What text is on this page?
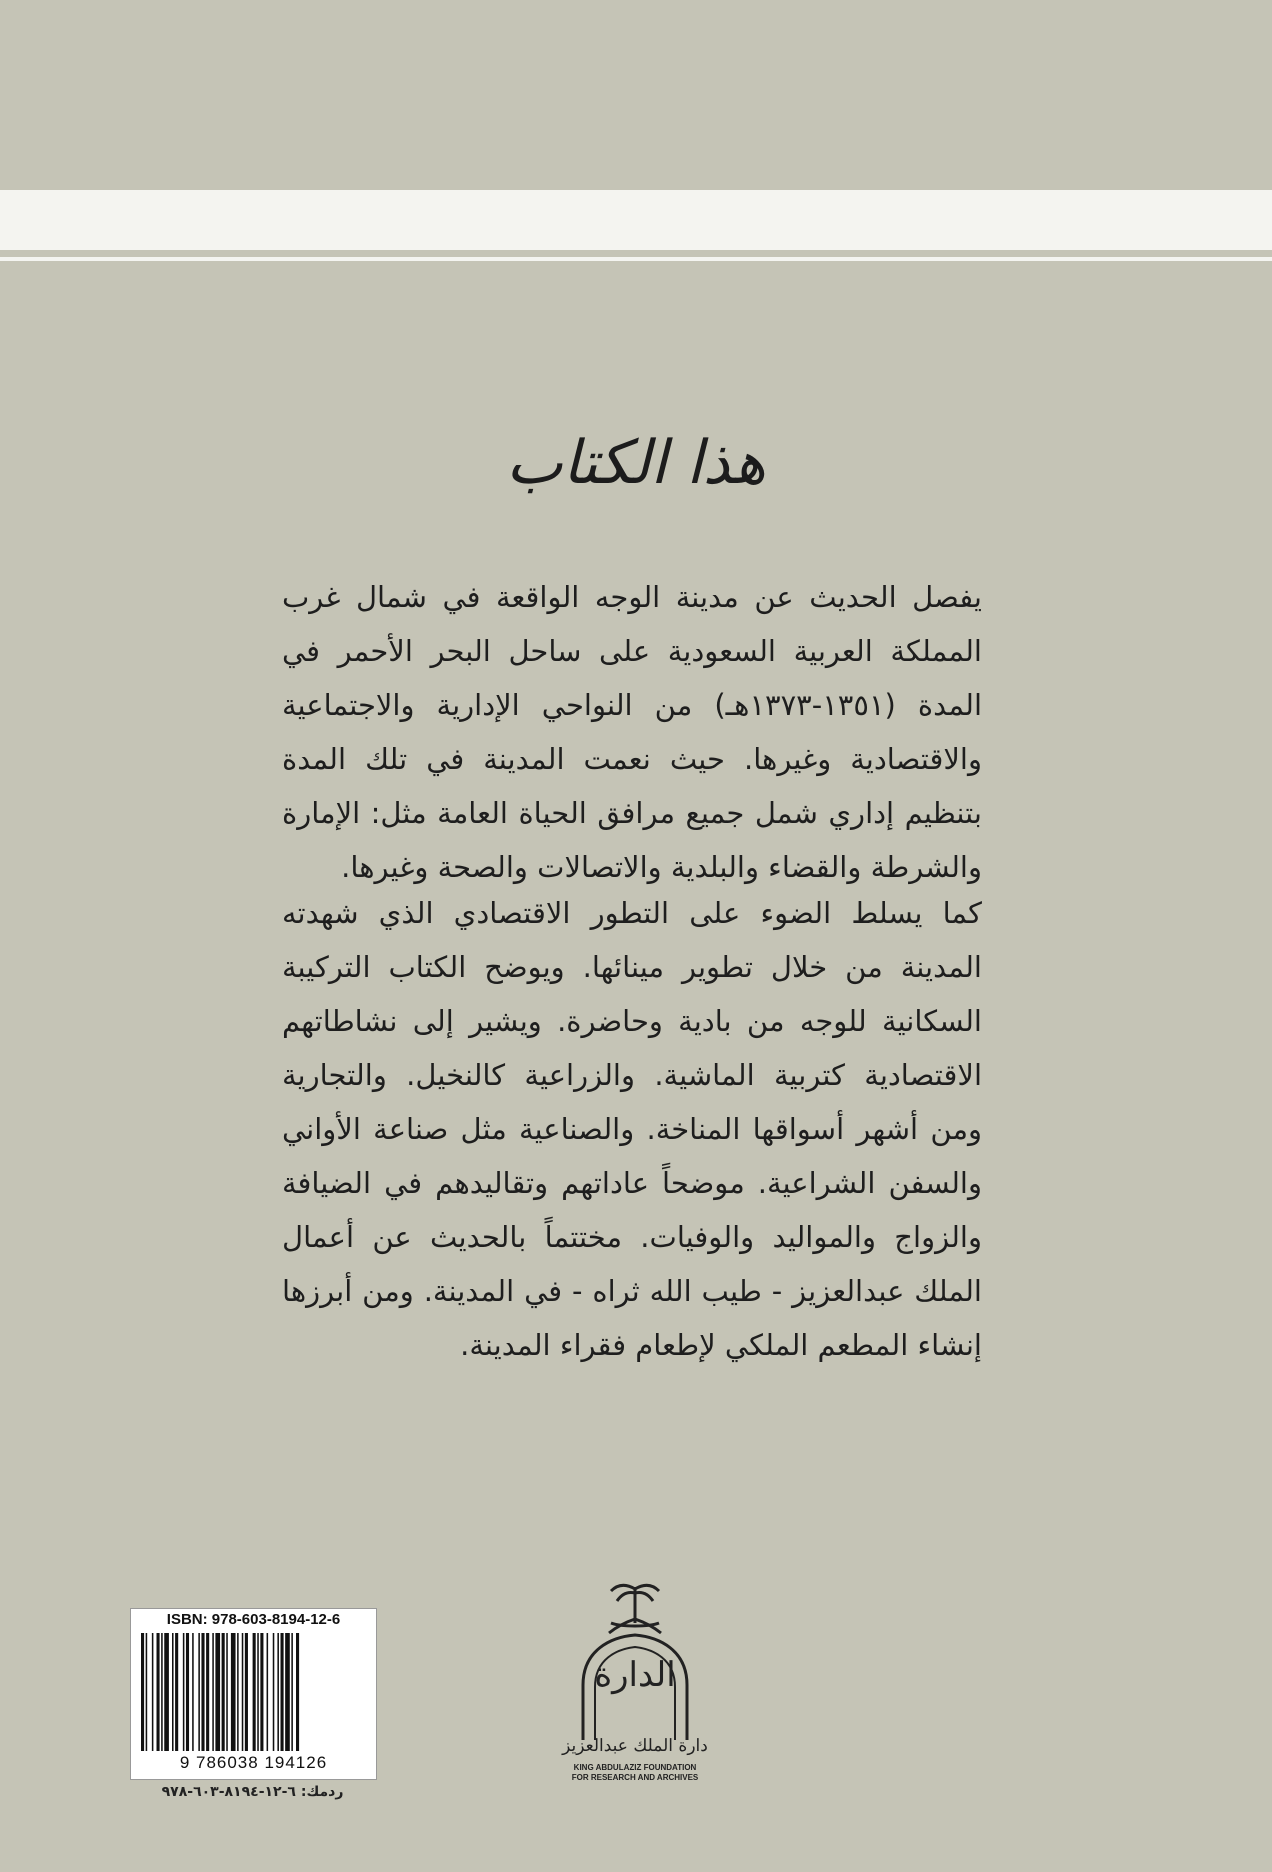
هذا الكتاب

يفصل الحديث عن مدينة الوجه الواقعة في شمال غرب المملكة العربية السعودية على ساحل البحر الأحمر في المدة (١٣٥١-١٣٧٣هـ) من النواحي الإدارية والاجتماعية والاقتصادية وغيرها. حيث نعمت المدينة في تلك المدة بتنظيم إداري شمل جميع مرافق الحياة العامة مثل: الإمارة والشرطة والقضاء والبلدية والاتصالات والصحة وغيرها.

كما يسلط الضوء على التطور الاقتصادي الذي شهدته المدينة من خلال تطوير مينائها. ويوضح الكتاب التركيبة السكانية للوجه من بادية وحاضرة. ويشير إلى نشاطاتهم الاقتصادية كتربية الماشية. والزراعية كالنخيل. والتجارية ومن أشهر أسواقها المناخة. والصناعية مثل صناعة الأواني والسفن الشراعية. موضحاً عاداتهم وتقاليدهم في الضيافة والزواج والمواليد والوفيات. مختتماً بالحديث عن أعمال الملك عبدالعزيز - طيب الله ثراه - في المدينة. ومن أبرزها إنشاء المطعم الملكي لإطعام فقراء المدينة.

ISBN: 978-603-8194-12-6
9 786038 194126
ردمك: ٦-١٢-٨١٩٤-٦٠٣-٩٧٨
الدارة
دارة الملك عبدالعزيز
KING ABDULAZIZ FOUNDATION
FOR RESEARCH AND ARCHIVES
